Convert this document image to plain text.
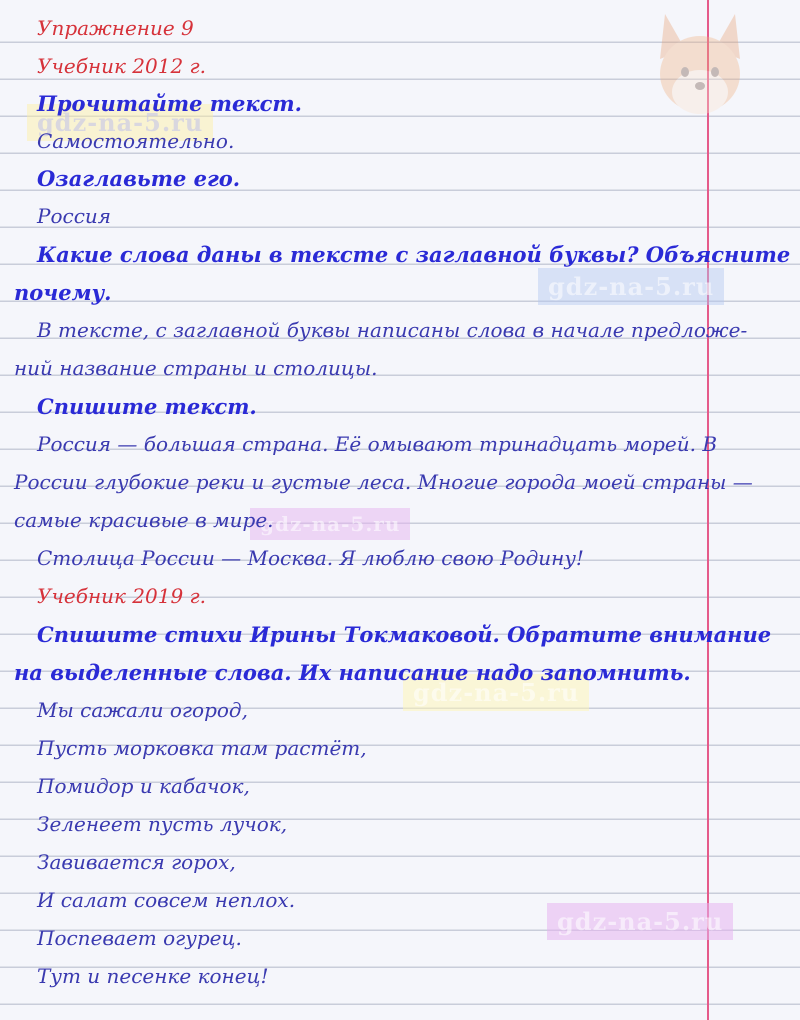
gdz-na-5.ru
gdz-na-5.ru
gdz-na-5.ru
gdz-na-5.ru
gdz-na-5.ru
Упражнение 9
Учебник 2012 г.
Прочитайте текст.
Самостоятельно.
Озаглавьте его.
Россия
Какие слова даны в тексте с заглавной буквы? Объясните
почему.
В тексте, с заглавной буквы написаны слова в начале предложе-
ний название страны и столицы.
Спишите текст.
Россия — большая страна. Её омывают тринадцать морей. В
России глубокие реки и густые леса. Многие города моей страны —
самые красивые в мире.
Столица России — Москва. Я люблю свою Родину!
Учебник 2019 г.
Спишите стихи Ирины Токмаковой. Обратите внимание
на выделенные слова. Их написание надо запомнить.
Мы сажали огород,
Пусть морковка там растёт,
Помидор и кабачок,
Зеленеет пусть лучок,
Завивается горох,
И салат совсем неплох.
Поспевает огурец.
Тут и песенке конец!
